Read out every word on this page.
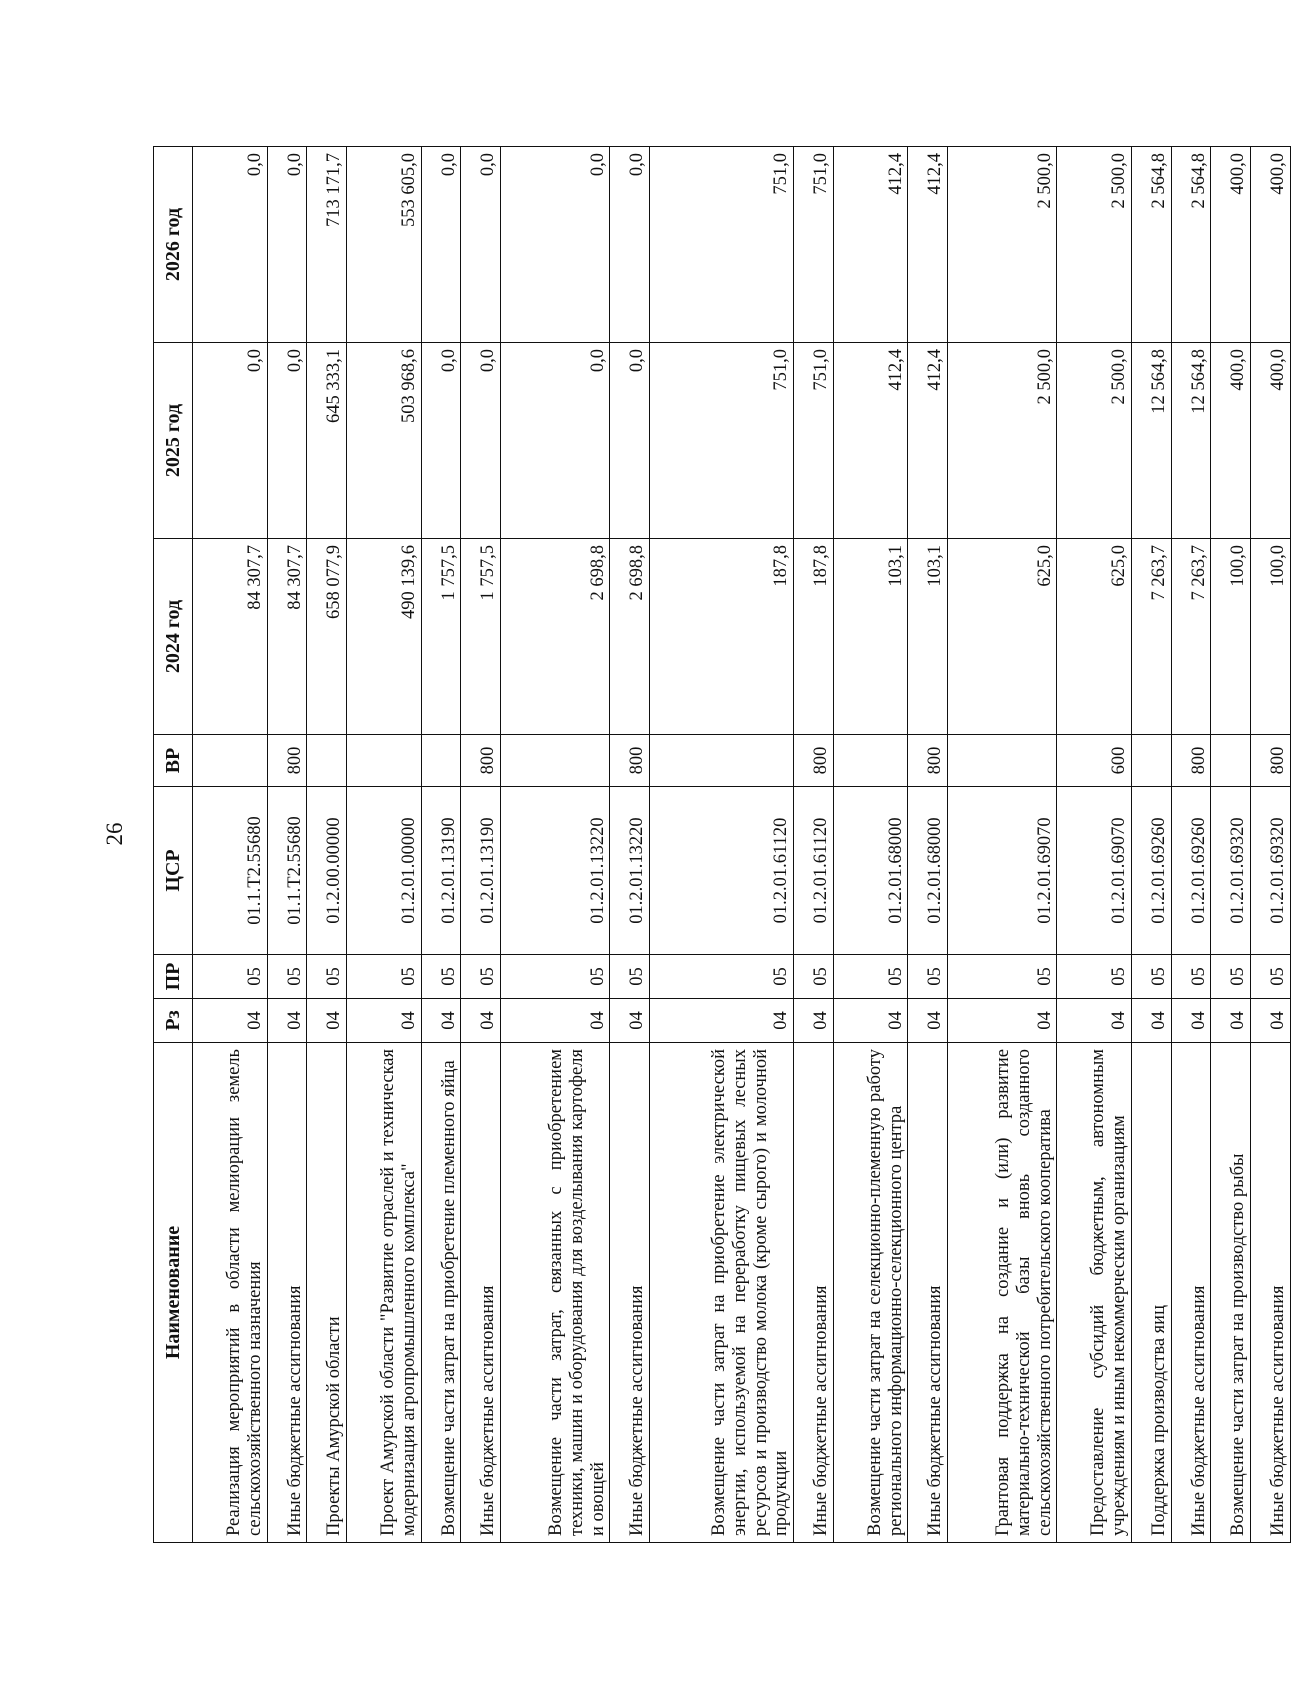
26
Наименование	Рз	ПР	ЦСР	ВР	2024 год	2025 год	2026 год
Реализация мероприятий в области мелиорации земель сельскохозяйственного назначения	04	05	01.1.Т2.55680		84 307,7	0,0	0,0
Иные бюджетные ассигнования	04	05	01.1.Т2.55680	800	84 307,7	0,0	0,0
Проекты Амурской области	04	05	01.2.00.00000		658 077,9	645 333,1	713 171,7
Проект Амурской области "Развитие отраслей и техническая модернизация агропромышленного комплекса"	04	05	01.2.01.00000		490 139,6	503 968,6	553 605,0
Возмещение части затрат на приобретение племенного яйца	04	05	01.2.01.13190		1 757,5	0,0	0,0
Иные бюджетные ассигнования	04	05	01.2.01.13190	800	1 757,5	0,0	0,0
Возмещение части затрат, связанных с приобретением техники, машин и оборудования для возделывания картофеля и овощей	04	05	01.2.01.13220		2 698,8	0,0	0,0
Иные бюджетные ассигнования	04	05	01.2.01.13220	800	2 698,8	0,0	0,0
Возмещение части затрат на приобретение электрической энергии, используемой на переработку пищевых лесных ресурсов и производство молока (кроме сырого) и молочной продукции	04	05	01.2.01.61120		187,8	751,0	751,0
Иные бюджетные ассигнования	04	05	01.2.01.61120	800	187,8	751,0	751,0
Возмещение части затрат на селекционно-племенную работу регионального информационно-селекционного центра	04	05	01.2.01.68000		103,1	412,4	412,4
Иные бюджетные ассигнования	04	05	01.2.01.68000	800	103,1	412,4	412,4
Грантовая поддержка на создание и (или) развитие материально-технической базы вновь созданного сельскохозяйственного потребительского кооператива	04	05	01.2.01.69070		625,0	2 500,0	2 500,0
Предоставление субсидий бюджетным, автономным учреждениям и иным некоммерческим организациям	04	05	01.2.01.69070	600	625,0	2 500,0	2 500,0
Поддержка производства яиц	04	05	01.2.01.69260		7 263,7	12 564,8	2 564,8
Иные бюджетные ассигнования	04	05	01.2.01.69260	800	7 263,7	12 564,8	2 564,8
Возмещение части затрат на производство рыбы	04	05	01.2.01.69320		100,0	400,0	400,0
Иные бюджетные ассигнования	04	05	01.2.01.69320	800	100,0	400,0	400,0
